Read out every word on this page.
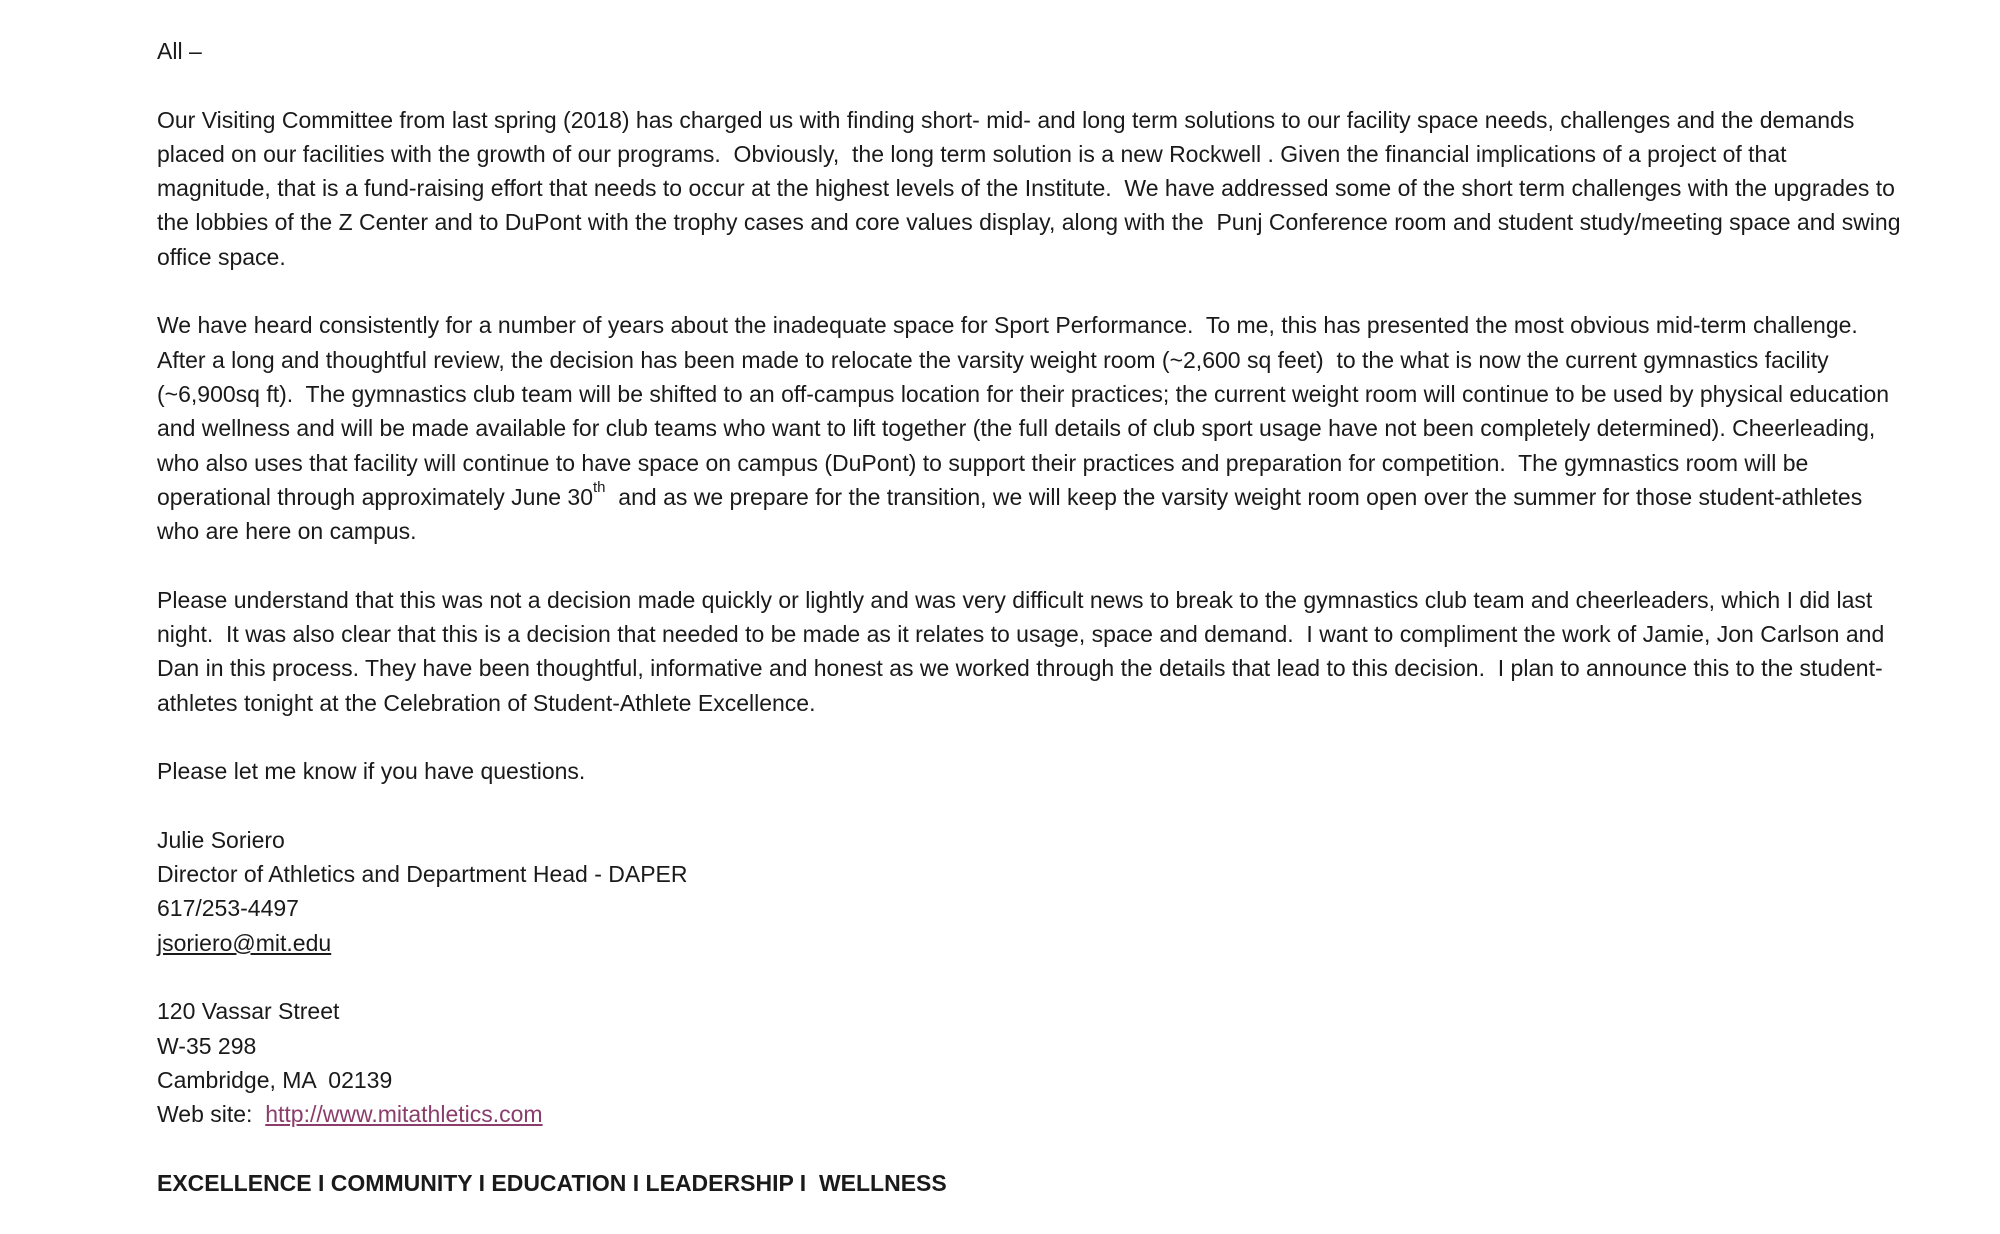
All –

Our Visiting Committee from last spring (2018) has charged us with finding short- mid- and long term solutions to our facility space needs, challenges and the demands
placed on our facilities with the growth of our programs.  Obviously,  the long term solution is a new Rockwell . Given the financial implications of a project of that
magnitude, that is a fund-raising effort that needs to occur at the highest levels of the Institute.  We have addressed some of the short term challenges with the upgrades to
the lobbies of the Z Center and to DuPont with the trophy cases and core values display, along with the  Punj Conference room and student study/meeting space and swing
office space.

We have heard consistently for a number of years about the inadequate space for Sport Performance.  To me, this has presented the most obvious mid-term challenge.
After a long and thoughtful review, the decision has been made to relocate the varsity weight room (~2,600 sq feet)  to the what is now the current gymnastics facility
(~6,900sq ft).  The gymnastics club team will be shifted to an off-campus location for their practices; the current weight room will continue to be used by physical education
and wellness and will be made available for club teams who want to lift together (the full details of club sport usage have not been completely determined). Cheerleading,
who also uses that facility will continue to have space on campus (DuPont) to support their practices and preparation for competition.  The gymnastics room will be
operational through approximately June 30th  and as we prepare for the transition, we will keep the varsity weight room open over the summer for those student-athletes
who are here on campus.

Please understand that this was not a decision made quickly or lightly and was very difficult news to break to the gymnastics club team and cheerleaders, which I did last
night.  It was also clear that this is a decision that needed to be made as it relates to usage, space and demand.  I want to compliment the work of Jamie, Jon Carlson and
Dan in this process. They have been thoughtful, informative and honest as we worked through the details that lead to this decision.  I plan to announce this to the student-
athletes tonight at the Celebration of Student-Athlete Excellence.

Please let me know if you have questions.

Julie Soriero
Director of Athletics and Department Head - DAPER
617/253-4497
jsoriero@mit.edu

120 Vassar Street
W-35 298
Cambridge, MA  02139
Web site:  http://www.mitathletics.com

EXCELLENCE I COMMUNITY I EDUCATION I LEADERSHIP I  WELLNESS
